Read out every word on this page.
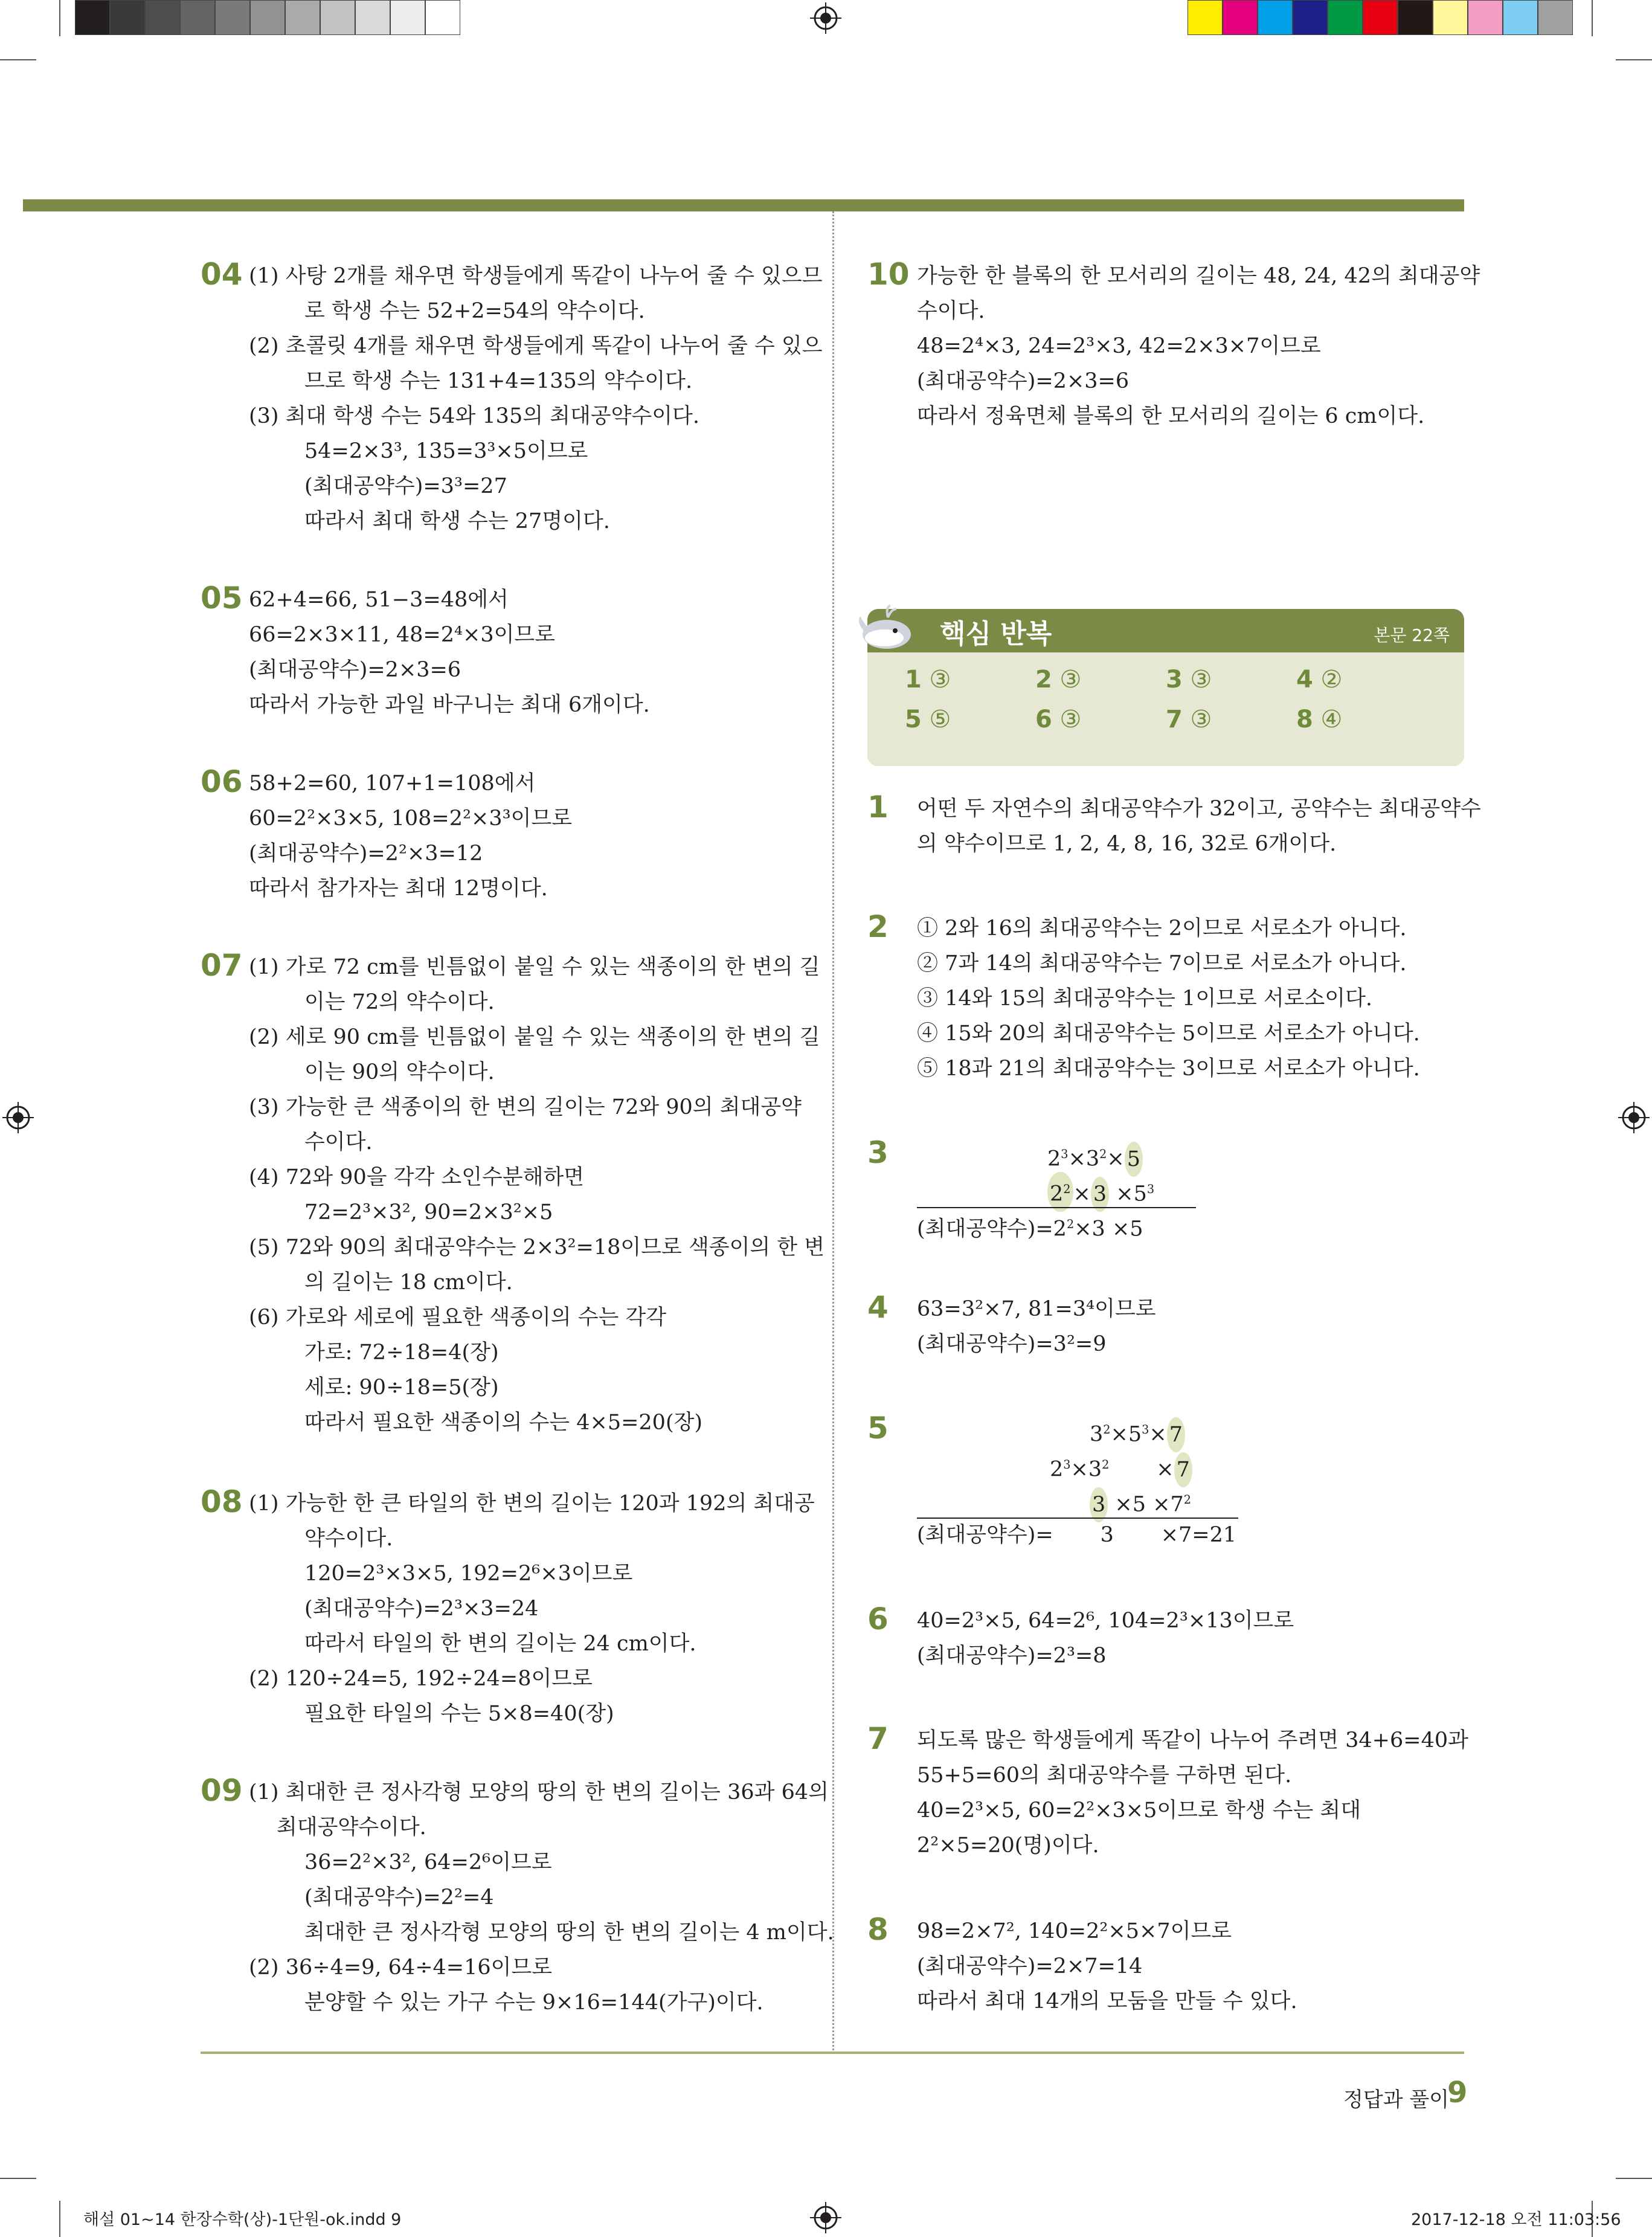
04 (1) 사탕 2개를 채우면 학생들에게 똑같이 나누어 줄 수 있으므
로 학생 수는 52+2=54의 약수이다.
(2) 초콜릿 4개를 채우면 학생들에게 똑같이 나누어 줄 수 있으
므로 학생 수는 131+4=135의 약수이다.
(3) 최대 학생 수는 54와 135의 최대공약수이다.
54=2×3³, 135=3³×5이므로
(최대공약수)=3³=27
따라서 최대 학생 수는 27명이다.
05 62+4=66, 51−3=48에서
66=2×3×11, 48=2⁴×3이므로
(최대공약수)=2×3=6
따라서 가능한 과일 바구니는 최대 6개이다.
06 58+2=60, 107+1=108에서
60=2²×3×5, 108=2²×3³이므로
(최대공약수)=2²×3=12
따라서 참가자는 최대 12명이다.
07 (1) 가로 72 cm를 빈틈없이 붙일 수 있는 색종이의 한 변의 길
이는 72의 약수이다.
(2) 세로 90 cm를 빈틈없이 붙일 수 있는 색종이의 한 변의 길
이는 90의 약수이다.
(3) 가능한 큰 색종이의 한 변의 길이는 72와 90의 최대공약
수이다.
(4) 72와 90을 각각 소인수분해하면
72=2³×3², 90=2×3²×5
(5) 72와 90의 최대공약수는 2×3²=18이므로 색종이의 한 변
의 길이는 18 cm이다.
(6) 가로와 세로에 필요한 색종이의 수는 각각
가로: 72÷18=4(장)
세로: 90÷18=5(장)
따라서 필요한 색종이의 수는 4×5=20(장)
08 (1) 가능한 한 큰 타일의 한 변의 길이는 120과 192의 최대공
약수이다.
120=2³×3×5, 192=2⁶×3이므로
(최대공약수)=2³×3=24
따라서 타일의 한 변의 길이는 24 cm이다.
(2) 120÷24=5, 192÷24=8이므로
필요한 타일의 수는 5×8=40(장)
09 (1) 최대한 큰 정사각형 모양의 땅의 한 변의 길이는 36과 64의
최대공약수이다.
36=2²×3², 64=2⁶이므로
(최대공약수)=2²=4
최대한 큰 정사각형 모양의 땅의 한 변의 길이는 4 m이다.
(2) 36÷4=9, 64÷4=16이므로
분양할 수 있는 가구 수는 9×16=144(가구)이다.
10 가능한 한 블록의 한 모서리의 길이는 48, 24, 42의 최대공약
수이다.
48=2⁴×3, 24=2³×3, 42=2×3×7이므로
(최대공약수)=2×3=6
따라서 정육면체 블록의 한 모서리의 길이는 6 cm이다.
핵심 반복	본문 22쪽
1 ③	2 ③	3 ③	4 ②
5 ⑤	6 ③	7 ③	8 ④
1 어떤 두 자연수의 최대공약수가 32이고, 공약수는 최대공약수
의 약수이므로 1, 2, 4, 8, 16, 32로 6개이다.
2 ① 2와 16의 최대공약수는 2이므로 서로소가 아니다.
② 7과 14의 최대공약수는 7이므로 서로소가 아니다.
③ 14와 15의 최대공약수는 1이므로 서로소이다.
④ 15와 20의 최대공약수는 5이므로 서로소가 아니다.
⑤ 18과 21의 최대공약수는 3이므로 서로소가 아니다.
3	$2^3\times 3^2\times 5$
$2^2 \times 3 \times 5^3$
(최대공약수)$=2^2\times 3 \times 5$
4 63=3²×7, 81=3⁴이므로
(최대공약수)=3²=9
5	$3^2\times 5^3\times 7$
$2^3\times 3^2$       × 7
$3 \times 5 \times 7^2$
(최대공약수)=       3       ×7=21
6 40=2³×5, 64=2⁶, 104=2³×13이므로
(최대공약수)=2³=8
7 되도록 많은 학생들에게 똑같이 나누어 주려면 34+6=40과
55+5=60의 최대공약수를 구하면 된다.
40=2³×5, 60=2²×3×5이므로 학생 수는 최대
2²×5=20(명)이다.
8 98=2×7², 140=2²×5×7이므로
(최대공약수)=2×7=14
따라서 최대 14개의 모둠을 만들 수 있다.
정답과 풀이
9
해설 01~14 한장수학(상)-1단원-ok.indd 9	2017-12-18 오전 11:03:56
